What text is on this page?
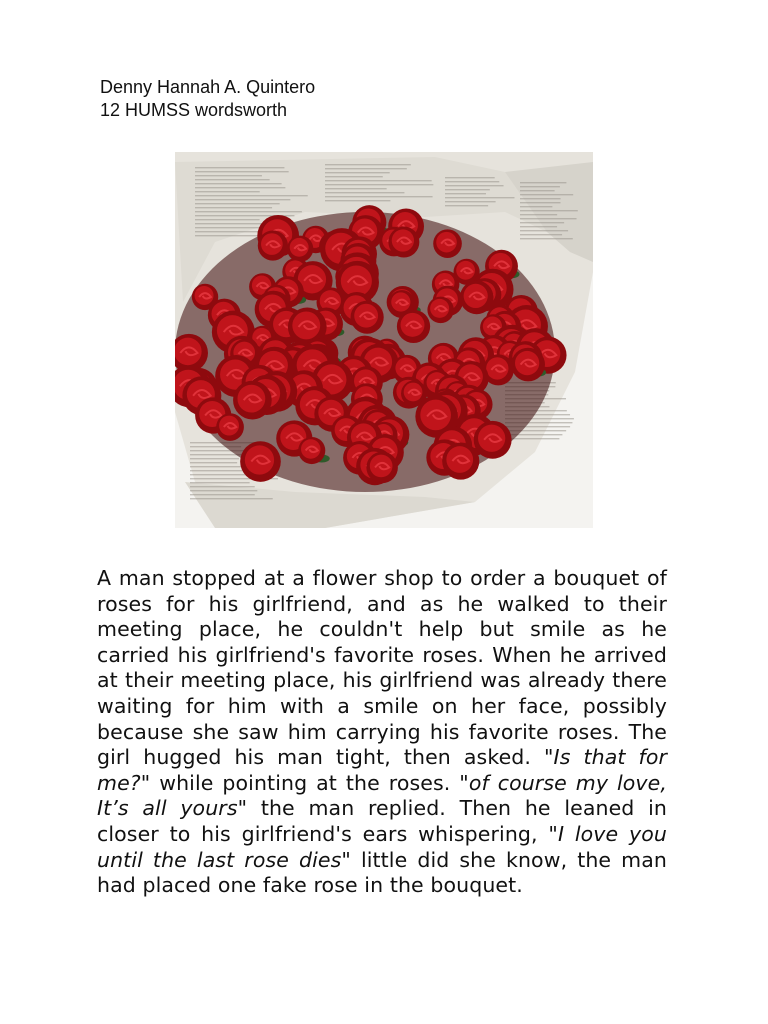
Denny Hannah A. Quintero
12 HUMSS wordsworth
A man stopped at a flower shop to order a bouquet of roses for his girlfriend, and as he walked to their meeting place, he couldn't help but smile as he carried his girlfriend's favorite roses. When he arrived at their meeting place, his girlfriend was already there waiting for him with a smile on her face, possibly because she saw him carrying his favorite roses. The girl hugged his man tight, then asked. "Is that for me?" while pointing at the roses. "of course my love, It’s all yours" the man replied. Then he leaned in closer to his girlfriend's ears whispering, "I love you until the last rose dies" little did she know, the man had placed one fake rose in the bouquet.
